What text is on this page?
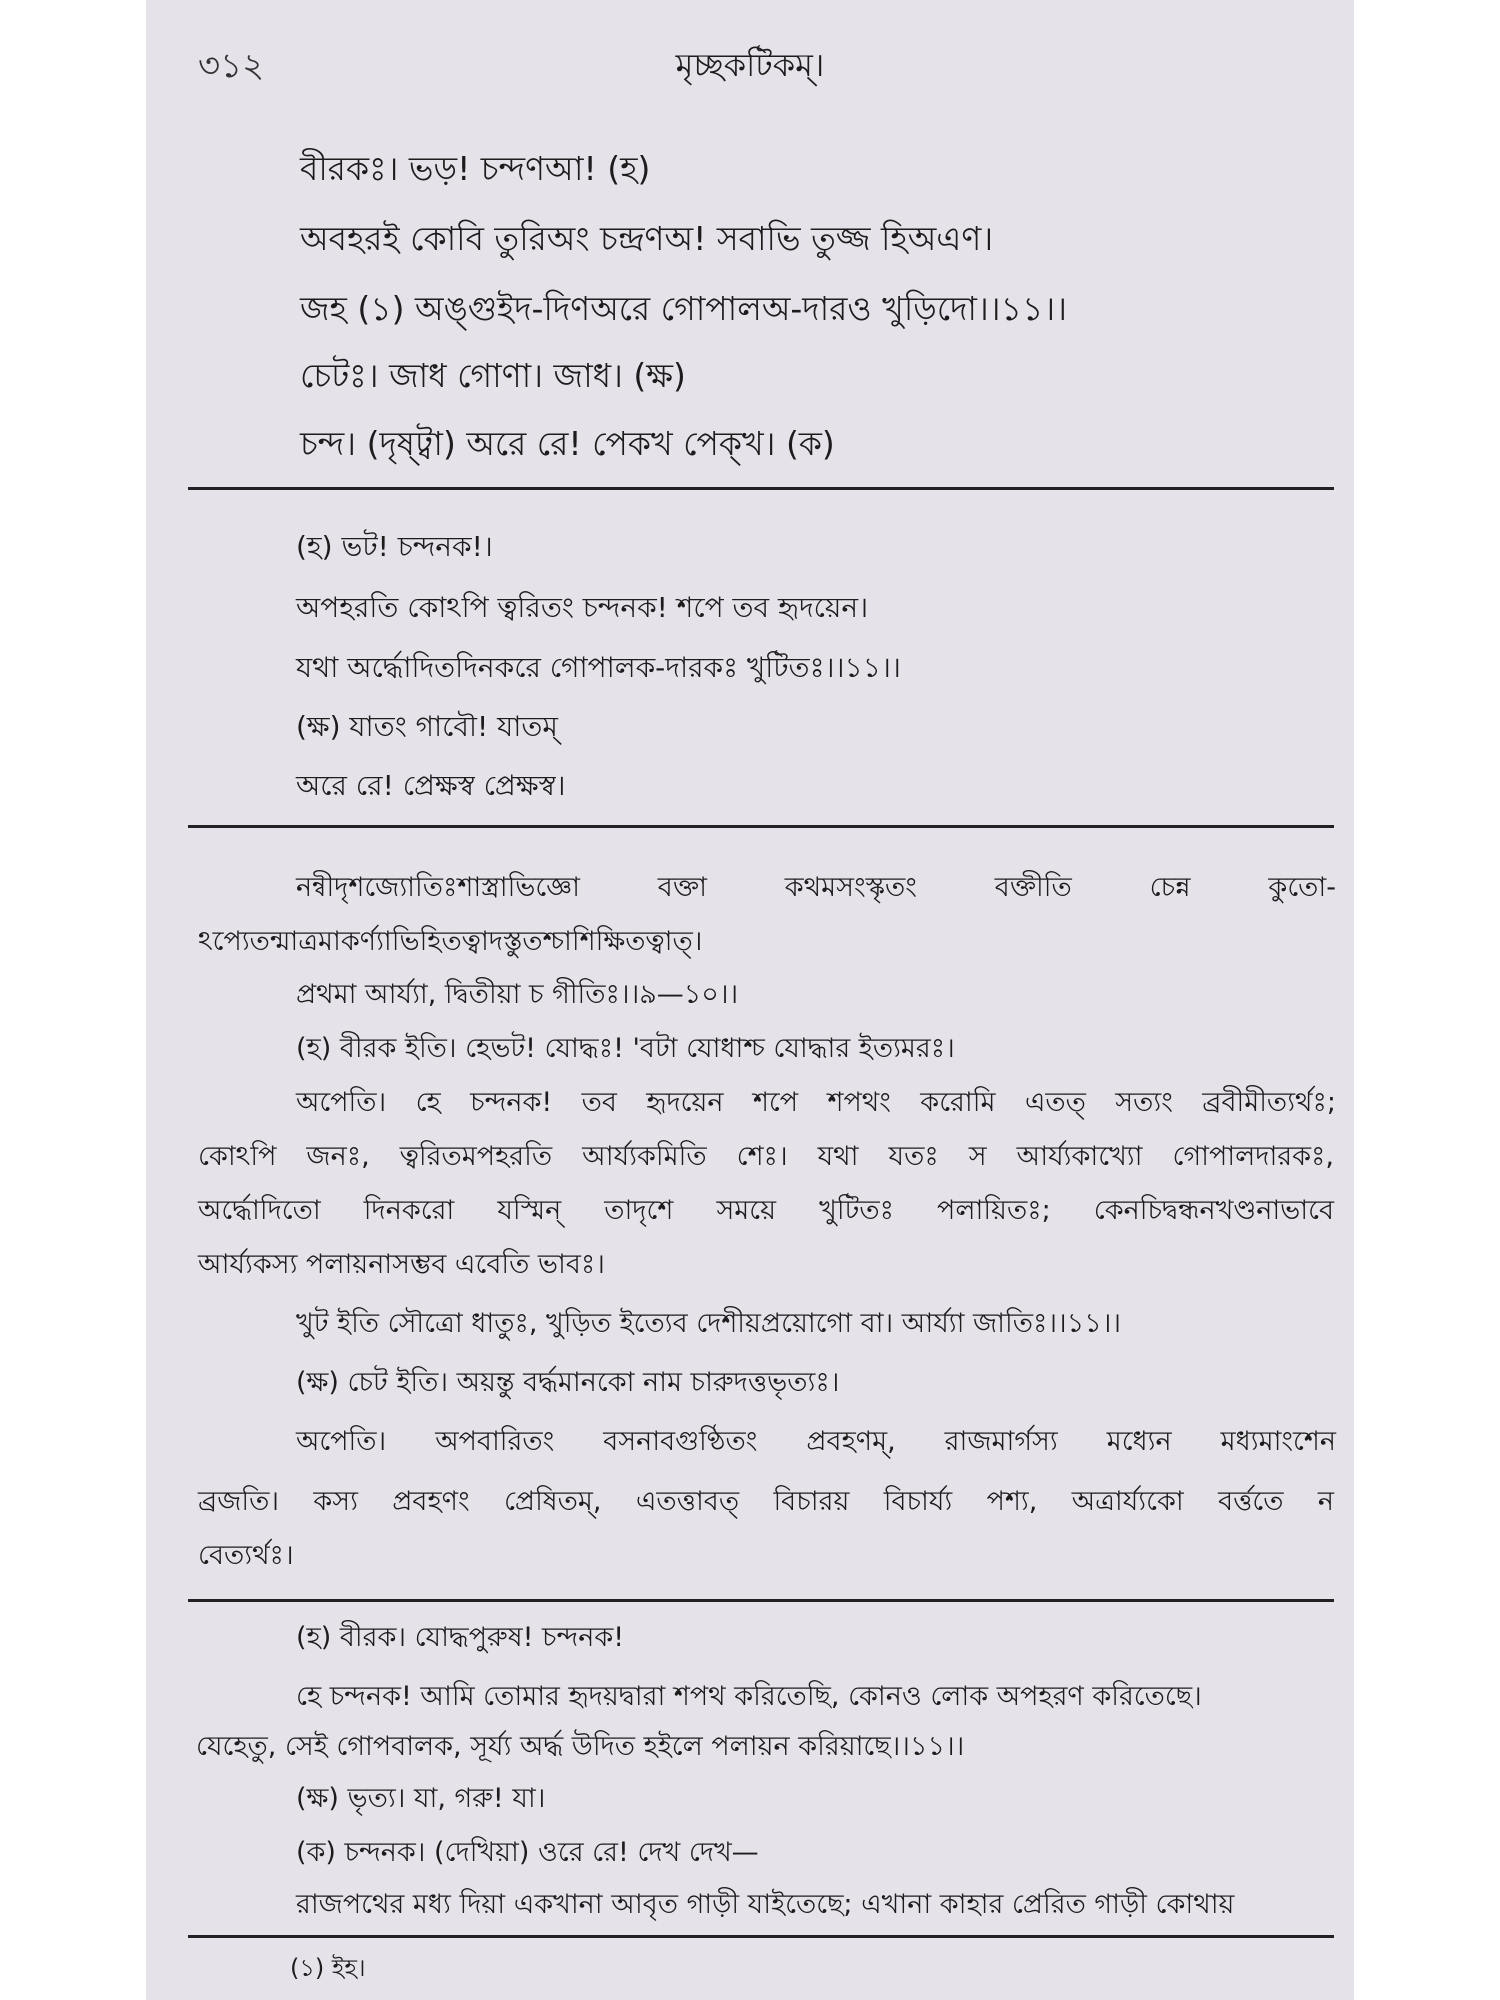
৩১২	মৃচ্ছকটিকম্।
বীরকঃ। ভড়! চন্দণআ! (হ)
অবহরই কোবি তুরিঅং চন্দ্রণঅ! সবাভি তুজ্জ হিঅএণ।
জহ (১) অঙ্গুইদ-দিণঅরে গোপালঅ-দারও খুড়িদো।।১১।।
চেটঃ। জাধ গোণা। জাধ। (ক্ষ)
চন্দ। (দৃষ্ট্বা) অরে রে! পেকখ পেক্খ। (ক)
(হ) ভট! চন্দনক!।
অপহরতি কোঽপি ত্বরিতং চন্দনক! শপে তব হৃদয়েন।
যথা অর্দ্ধোদিতদিনকরে গোপালক-দারকঃ খুটিতঃ।।১১।।
(ক্ষ) যাতং গাবৌ! যাতম্
অরে রে! প্রেক্ষস্ব প্রেক্ষস্ব।
নন্বীদৃশজ্যোতিঃশাস্ত্রাভিজ্ঞো বক্তা কথমসংস্কৃতং বক্তীতি চেন্ন কুতো-
ঽপ্যেতন্মাত্রমাকর্ণ্যাভিহিতত্বাদস্তুতশ্চাশিক্ষিতত্বাত্।
প্রথমা আর্য্যা, দ্বিতীয়া চ গীতিঃ।।৯—১০।।
(হ) বীরক ইতি। হেভট! যোদ্ধঃ! 'বটা যোধাশ্চ যোদ্ধার ইত্যমরঃ।
অপেতি। হে চন্দনক! তব হৃদয়েন শপে শপথং করোমি এতত্ সত্যং ব্রবীমীত্যর্থঃ;
কোঽপি জনঃ, ত্বরিতমপহরতি আর্য্যকমিতি শেঃ। যথা যতঃ স আর্য্যকাখ্যো গোপালদারকঃ,
অর্দ্ধোদিতো দিনকরো যস্মিন্ তাদৃশে সময়ে খুটিতঃ পলায়িতঃ; কেনচিদ্বন্ধনখণ্ডনাভাবে
আর্য্যকস্য পলায়নাসম্ভব এবেতি ভাবঃ।
খুট ইতি সৌত্রো ধাতুঃ, খুড়িত ইত্যেব দেশীয়প্রয়োগো বা। আর্য্যা জাতিঃ।।১১।।
(ক্ষ) চেট ইতি। অয়ন্তু বর্দ্ধমানকো নাম চারুদত্তভৃত্যঃ।
অপেতি। অপবারিতং বসনাবগুণ্ঠিতং প্রবহণম্, রাজমার্গস্য মধ্যেন মধ্যমাংশেন
ব্রজতি। কস্য প্রবহণং প্রেষিতম্, এতত্তাবত্ বিচারয় বিচার্য্য পশ্য, অত্রার্য্যকো বর্ত্ততে ন
বেত্যর্থঃ।
(হ) বীরক। যোদ্ধপুরুষ! চন্দনক!
হে চন্দনক! আমি তোমার হৃদয়দ্বারা শপথ করিতেছি, কোনও লোক অপহরণ করিতেছে।
যেহেতু, সেই গোপবালক, সূর্য্য অর্দ্ধ উদিত হইলে পলায়ন করিয়াছে।।১১।।
(ক্ষ) ভৃত্য। যা, গরু! যা।
(ক) চন্দনক। (দেখিয়া) ওরে রে! দেখ দেখ—
রাজপথের মধ্য দিয়া একখানা আবৃত গাড়ী যাইতেছে; এখানা কাহার প্রেরিত গাড়ী কোথায়
(১) ইহ।
